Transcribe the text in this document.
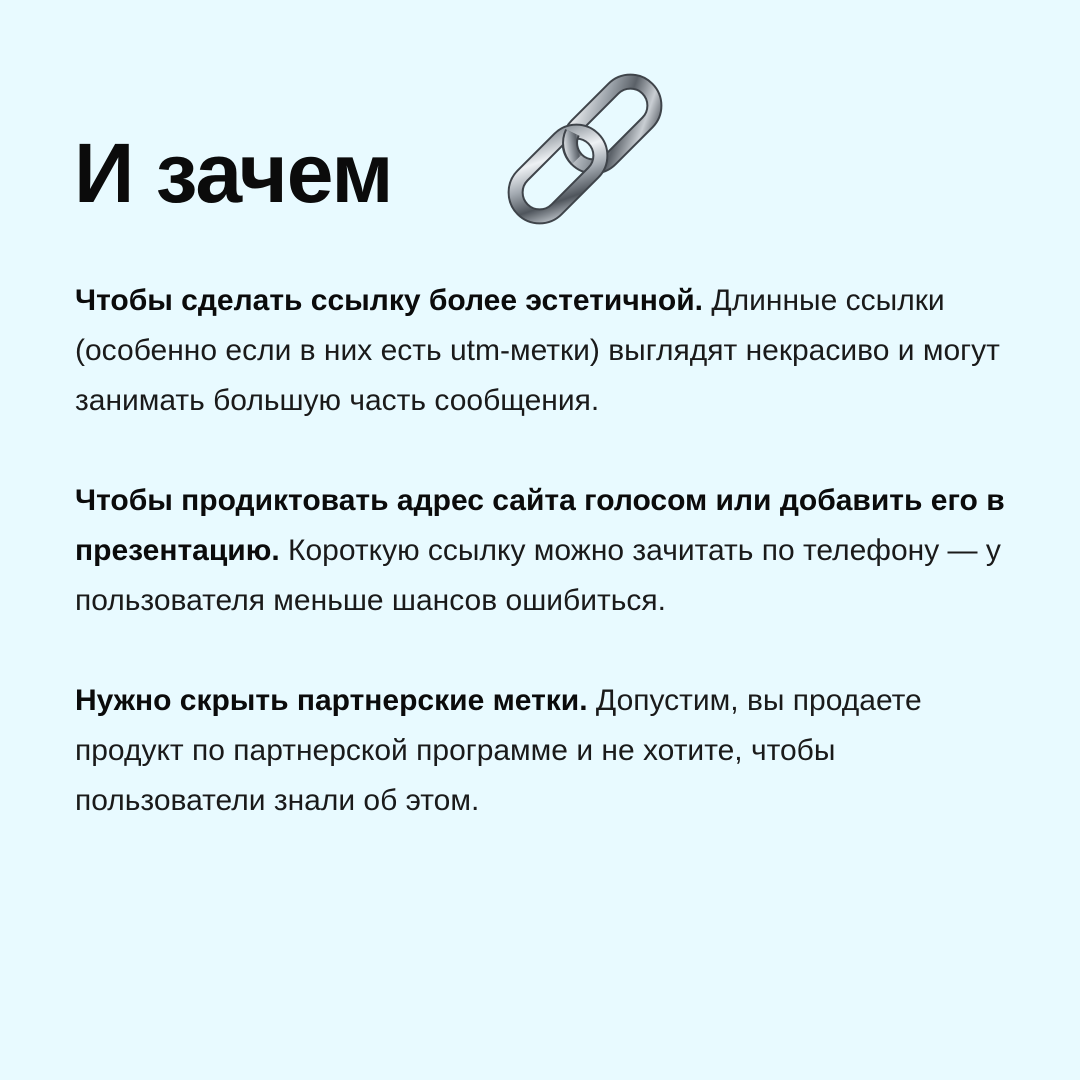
И зачем

Чтобы сделать ссылку более эстетичной. Длинные ссылки (особенно если в них есть utm-метки) выглядят некрасиво и могут занимать большую часть сообщения.

Чтобы продиктовать адрес сайта голосом или добавить его в презентацию. Короткую ссылку можно зачитать по телефону — у пользователя меньше шансов ошибиться.

Нужно скрыть партнерские метки. Допустим, вы продаете продукт по партнерской программе и не хотите, чтобы пользователи знали об этом.
